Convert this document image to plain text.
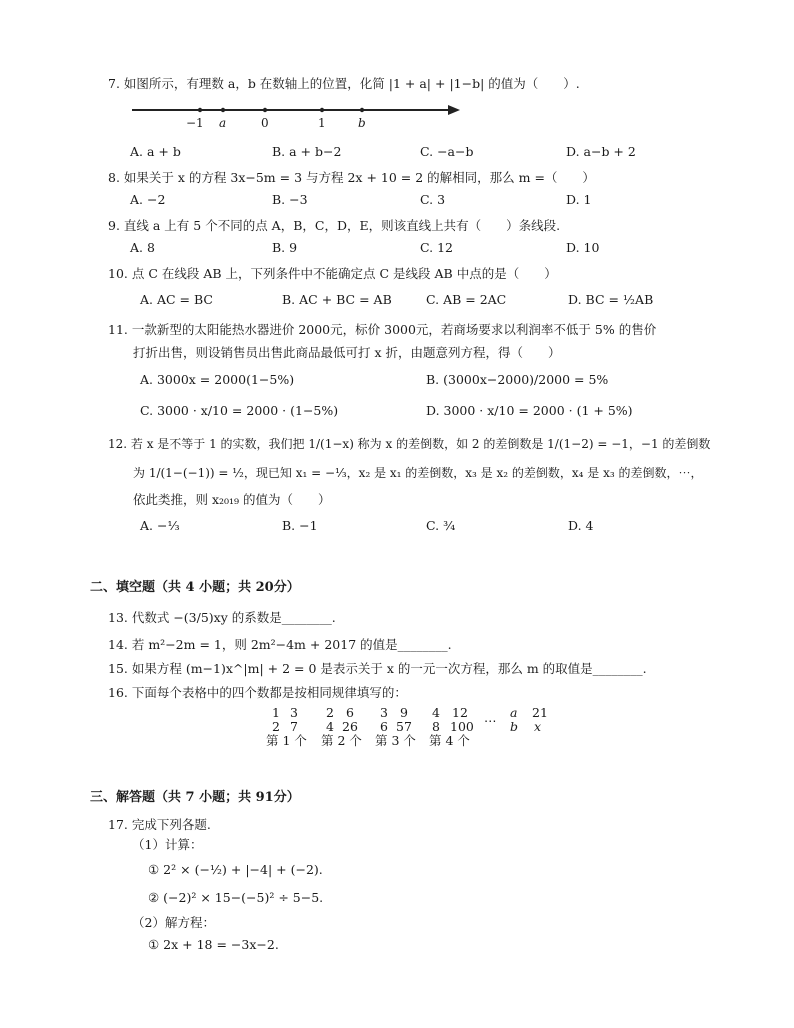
7. 如图所示，有理数 a，b 在数轴上的位置，化简 |1 + a| + |1−b| 的值为（　　）.
−1 a	0	1	b
A. a + b	B. a + b−2	C. −a−b	D. a−b + 2
8. 如果关于 x 的方程 3x−5m = 3 与方程 2x + 10 = 2 的解相同，那么 m =（　　）
A. −2	B. −3	C. 3	D. 1
9. 直线 a 上有 5 个不同的点 A，B，C，D，E，则该直线上共有（　　）条线段.
A. 8	B. 9	C. 12	D. 10
10. 点 C 在线段 AB 上，下列条件中不能确定点 C 是线段 AB 中点的是（　　）
A. AC = BC	B. AC + BC = AB	C. AB = 2AC	D. BC = ½AB
11. 一款新型的太阳能热水器进价 2000元，标价 3000元，若商场要求以利润率不低于 5% 的售价
打折出售，则设销售员出售此商品最低可打 x 折，由题意列方程，得（　　）
A. 3000x = 2000(1−5%)	B. (3000x−2000)/2000 = 5%
C. 3000 · x/10 = 2000 · (1−5%)	D. 3000 · x/10 = 2000 · (1 + 5%)
12. 若 x 是不等于 1 的实数，我们把 1/(1−x) 称为 x 的差倒数，如 2 的差倒数是 1/(1−2) = −1，−1 的差倒数
为 1/(1−(−1)) = ½，现已知 x₁ = −⅓，x₂ 是 x₁ 的差倒数，x₃ 是 x₂ 的差倒数，x₄ 是 x₃ 的差倒数，⋯，
依此类推，则 x₂₀₁₉ 的值为（　　）
A. −⅓	B. −1	C. ¾	D. 4
二、填空题（共 4 小题；共 20分）
13. 代数式 −(3/5)xy 的系数是________.
14. 若 m²−2m = 1，则 2m²−4m + 2017 的值是________.
15. 如果方程 (m−1)x^|m| + 2 = 0 是表示关于 x 的一元一次方程，那么 m 的取值是________.
16. 下面每个表格中的四个数都是按相同规律填写的：
1 3
2 7
第 1 个
2 6
4 26
第 2 个
3 9
6 57
第 3 个
4 12
8 100
第 4 个
⋯
a 21
b x
三、解答题（共 7 小题；共 91分）
17. 完成下列各题.
（1）计算：
① 2² × (−½) + |−4| + (−2).
② (−2)² × 15−(−5)² ÷ 5−5.
（2）解方程：
① 2x + 18 = −3x−2.
